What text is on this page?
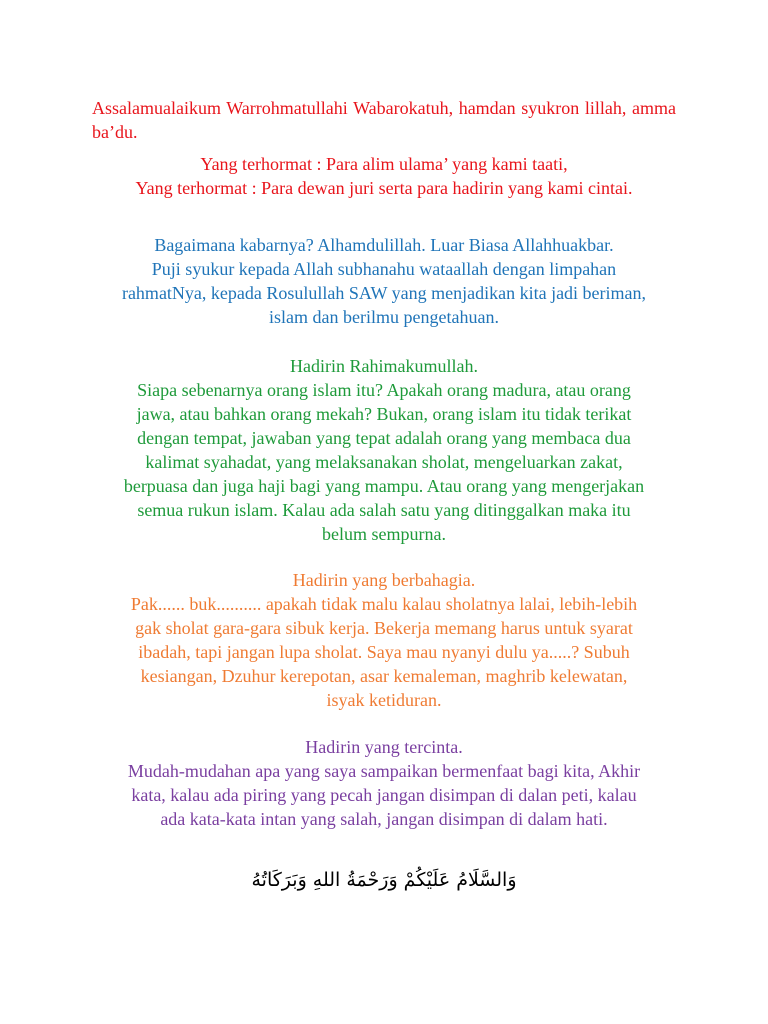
Assalamualaikum Warrohmatullahi Wabarokatuh, hamdan syukron lillah, amma ba’du.
Yang terhormat : Para alim ulama’ yang kami taati,
Yang terhormat : Para dewan juri serta para hadirin yang kami cintai.
Bagaimana kabarnya? Alhamdulillah. Luar Biasa Allahhuakbar.
Puji syukur kepada Allah subhanahu wataallah dengan limpahan
rahmatNya, kepada Rosulullah SAW yang menjadikan kita jadi beriman,
islam dan berilmu pengetahuan.
Hadirin Rahimakumullah.
Siapa sebenarnya orang islam itu? Apakah orang madura, atau orang
jawa, atau bahkan orang mekah? Bukan, orang islam itu tidak terikat
dengan tempat, jawaban yang tepat adalah orang yang membaca dua
kalimat syahadat, yang melaksanakan sholat, mengeluarkan zakat,
berpuasa dan juga haji bagi yang mampu. Atau orang yang mengerjakan
semua rukun islam. Kalau ada salah satu yang ditinggalkan maka itu
belum sempurna.
Hadirin yang berbahagia.
Pak...... buk.......... apakah tidak malu kalau sholatnya lalai, lebih-lebih
gak sholat gara-gara sibuk kerja. Bekerja memang harus untuk syarat
ibadah, tapi jangan lupa sholat. Saya mau nyanyi dulu ya.....? Subuh
kesiangan, Dzuhur kerepotan, asar kemaleman, maghrib kelewatan,
isyak ketiduran.
Hadirin yang tercinta.
Mudah-mudahan apa yang saya sampaikan bermenfaat bagi kita, Akhir
kata, kalau ada piring yang pecah jangan disimpan di dalan peti, kalau
ada kata-kata intan yang salah, jangan disimpan di dalam hati.
وَالسَّلَامُ عَلَيْكُمْ وَرَحْمَةُ اللهِ وَبَرَكَاتُهُ
